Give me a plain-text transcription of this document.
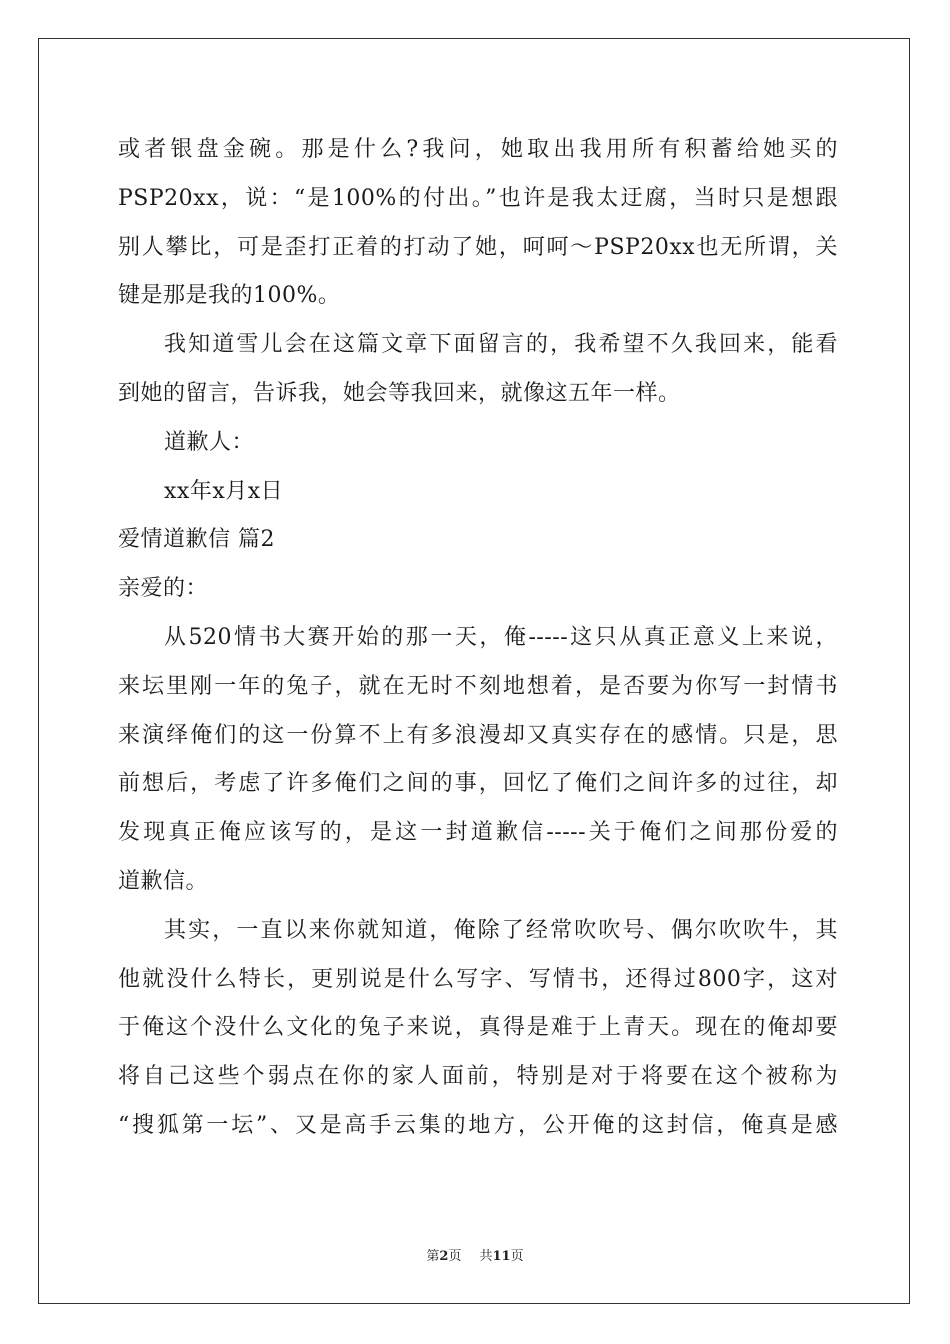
或者银盘金碗。那是什么?我问，她取出我用所有积蓄给她买的
PSP20xx，说：“是100%的付出。”也许是我太迂腐，当时只是想跟
别人攀比，可是歪打正着的打动了她，呵呵～PSP20xx也无所谓，关
键是那是我的100%。
我知道雪儿会在这篇文章下面留言的，我希望不久我回来，能看
到她的留言，告诉我，她会等我回来，就像这五年一样。
道歉人：
xx年x月x日
爱情道歉信 篇2
亲爱的：
从520情书大赛开始的那一天，俺-----这只从真正意义上来说，
来坛里刚一年的兔子，就在无时不刻地想着，是否要为你写一封情书
来演绎俺们的这一份算不上有多浪漫却又真实存在的感情。只是，思
前想后，考虑了许多俺们之间的事，回忆了俺们之间许多的过往，却
发现真正俺应该写的，是这一封道歉信-----关于俺们之间那份爱的
道歉信。
其实，一直以来你就知道，俺除了经常吹吹号、偶尔吹吹牛，其
他就没什么特长，更别说是什么写字、写情书，还得过800字，这对
于俺这个没什么文化的兔子来说，真得是难于上青天。现在的俺却要
将自己这些个弱点在你的家人面前，特别是对于将要在这个被称为
“搜狐第一坛”、又是高手云集的地方，公开俺的这封信，俺真是感
第2页 共11页
